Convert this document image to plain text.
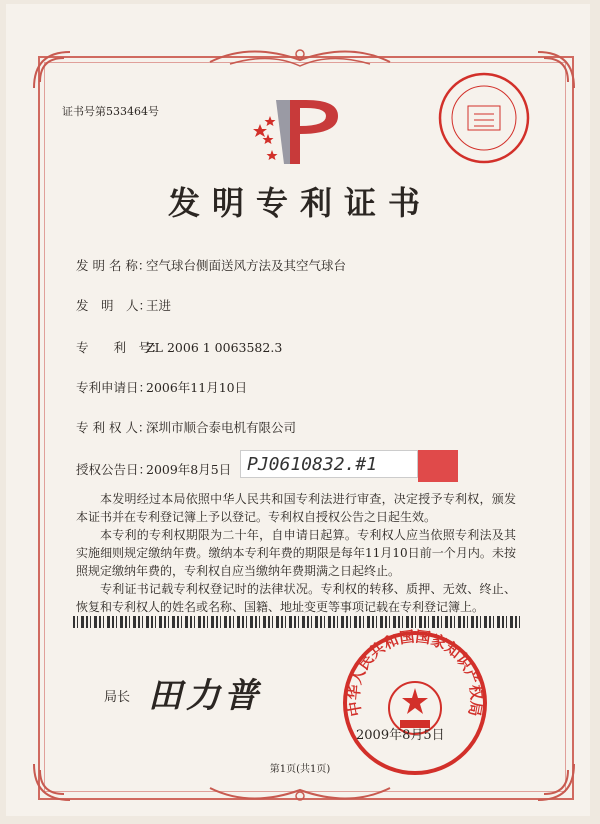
证书号第533464号
发明专利证书
发 明 名 称：空气球台侧面送风方法及其空气球台
发　明　人：王进
专　　利　号：ZL 2006 1 0063582.3
专利申请日：2006年11月10日
专 利 权 人：深圳市顺合泰电机有限公司
授权公告日：2009年8月5日 PJ0610832.#1
本发明经过本局依照中华人民共和国专利法进行审查，决定授予专利权，颁发本证书并在专利登记簿上予以登记。专利权自授权公告之日起生效。
本专利的专利权期限为二十年，自申请日起算。专利权人应当依照专利法及其实施细则规定缴纳年费。缴纳本专利年费的期限是每年11月10日前一个月内。未按照规定缴纳年费的，专利权自应当缴纳年费期满之日起终止。
专利证书记载专利权登记时的法律状况。专利权的转移、质押、无效、终止、恢复和专利权人的姓名或名称、国籍、地址变更等事项记载在专利登记簿上。
局长 田力普	中华人民共和国国家知识产权局
2009年8月5日
第1页(共1页)
